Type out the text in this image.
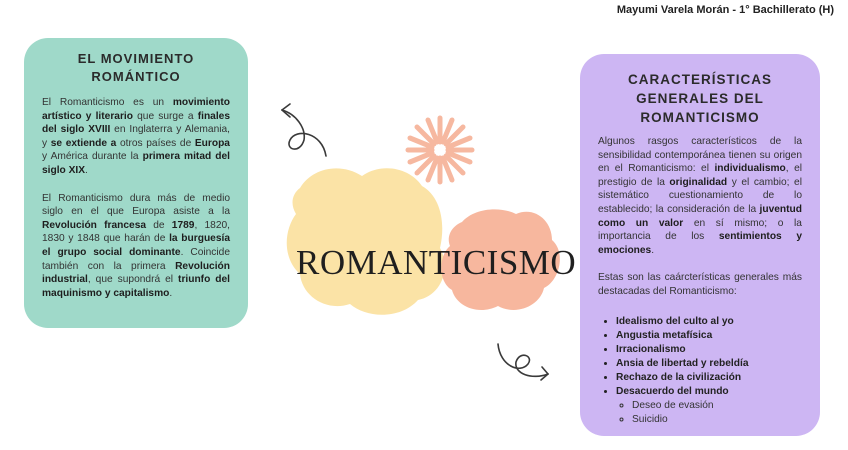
Mayumi Varela Morán - 1° Bachillerato (H)
ROMANTICISMO
EL MOVIMIENTO
ROMÁNTICO

El Romanticismo es un movimiento artístico y literario que surge a finales del siglo XVIII en Inglaterra y Alemania, y se extiende a otros países de Europa y América durante la primera mitad del siglo XIX.

El Romanticismo dura más de medio siglo en el que Europa asiste a la Revolución francesa de 1789, 1820, 1830 y 1848 que harán de la burguesía el grupo social dominante. Coincide también con la primera Revolución industrial, que supondrá el triunfo del maquinismo y capitalismo.

CARACTERÍSTICAS
GENERALES DEL
ROMANTICISMO

Algunos rasgos característicos de la sensibilidad contemporánea tienen su origen en el Romanticismo: el individualismo, el prestigio de la originalidad y el cambio; el sistemático cuestionamiento de lo establecido; la consideración de la juventud como un valor en sí mismo; o la importancia de los sentimientos y emociones.

Estas son las caárcterísticas generales más destacadas del Romanticismo:

• Idealismo del culto al yo
• Angustia metafísica
• Irracionalismo
• Ansia de libertad y rebeldía
• Rechazo de la civilización
• Desacuerdo del mundo
◦ Deseo de evasión
◦ Suicidio
